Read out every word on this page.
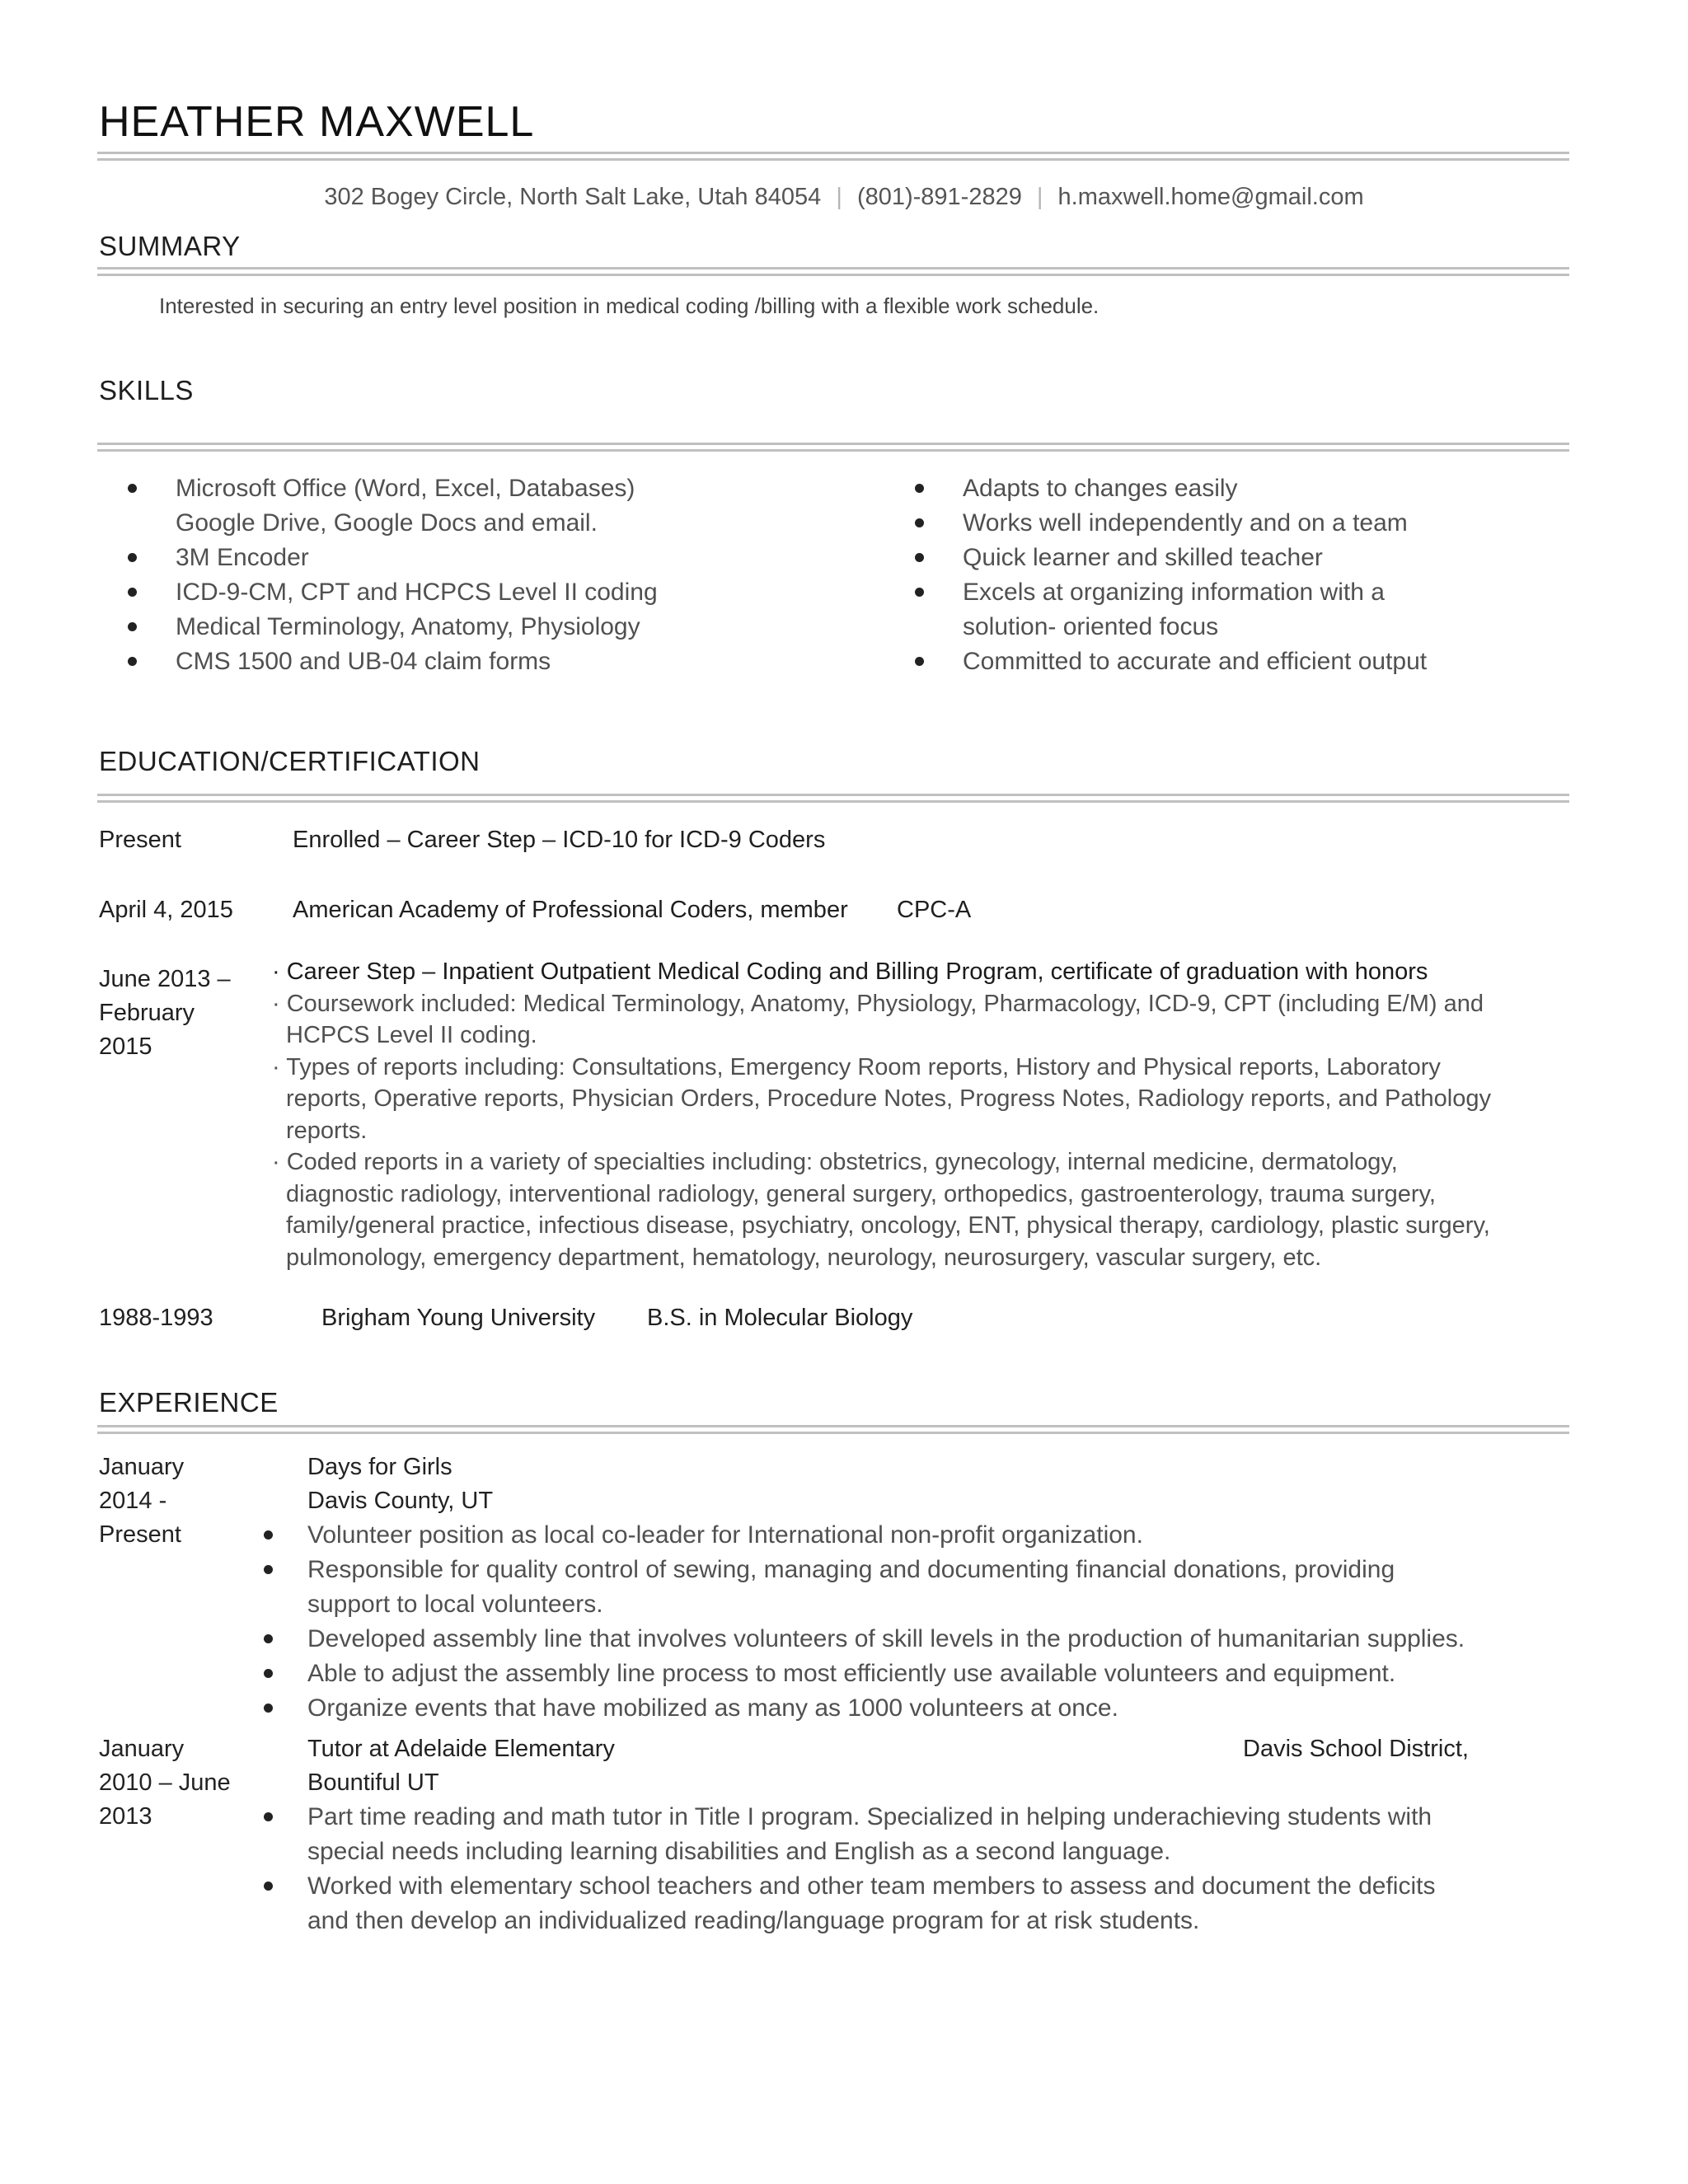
HEATHER MAXWELL
302 Bogey Circle, North Salt Lake, Utah 84054 | (801)-891-2829 | h.maxwell.home@gmail.com
SUMMARY
Interested in securing an entry level position in medical coding /billing with a flexible work schedule.
SKILLS
Microsoft Office (Word, Excel, Databases)
Google Drive, Google Docs and email.
3M Encoder
ICD-9-CM, CPT and HCPCS Level II coding
Medical Terminology, Anatomy, Physiology
CMS 1500 and UB-04 claim forms
Adapts to changes easily
Works well independently and on a team
Quick learner and skilled teacher
Excels at organizing information with a
solution- oriented focus
Committed to accurate and efficient output
EDUCATION/CERTIFICATION
Present	Enrolled – Career Step – ICD-10 for ICD-9 Coders
April 4, 2015 American Academy of Professional Coders, member CPC-A
June 2013 –
February
2015
· Career Step – Inpatient Outpatient Medical Coding and Billing Program, certificate of graduation with honors
· Coursework included: Medical Terminology, Anatomy, Physiology, Pharmacology, ICD-9, CPT (including E/M) and
HCPCS Level II coding.
· Types of reports including: Consultations, Emergency Room reports, History and Physical reports, Laboratory
reports, Operative reports, Physician Orders, Procedure Notes, Progress Notes, Radiology reports, and Pathology
reports.
· Coded reports in a variety of specialties including: obstetrics, gynecology, internal medicine, dermatology,
diagnostic radiology, interventional radiology, general surgery, orthopedics, gastroenterology, trauma surgery,
family/general practice, infectious disease, psychiatry, oncology, ENT, physical therapy, cardiology, plastic surgery,
pulmonology, emergency department, hematology, neurology, neurosurgery, vascular surgery, etc.
1988-1993	Brigham Young University B.S. in Molecular Biology
EXPERIENCE
January
2014 -
Present
Days for Girls
Davis County, UT
Volunteer position as local co-leader for International non-profit organization.
Responsible for quality control of sewing, managing and documenting financial donations, providing
support to local volunteers.
Developed assembly line that involves volunteers of skill levels in the production of humanitarian supplies.
Able to adjust the assembly line process to most efficiently use available volunteers and equipment.
Organize events that have mobilized as many as 1000 volunteers at once.
January
2010 – June
2013
Tutor at Adelaide Elementary
Bountiful UT
Davis School District,
Part time reading and math tutor in Title I program. Specialized in helping underachieving students with
special needs including learning disabilities and English as a second language.
Worked with elementary school teachers and other team members to assess and document the deficits
and then develop an individualized reading/language program for at risk students.
